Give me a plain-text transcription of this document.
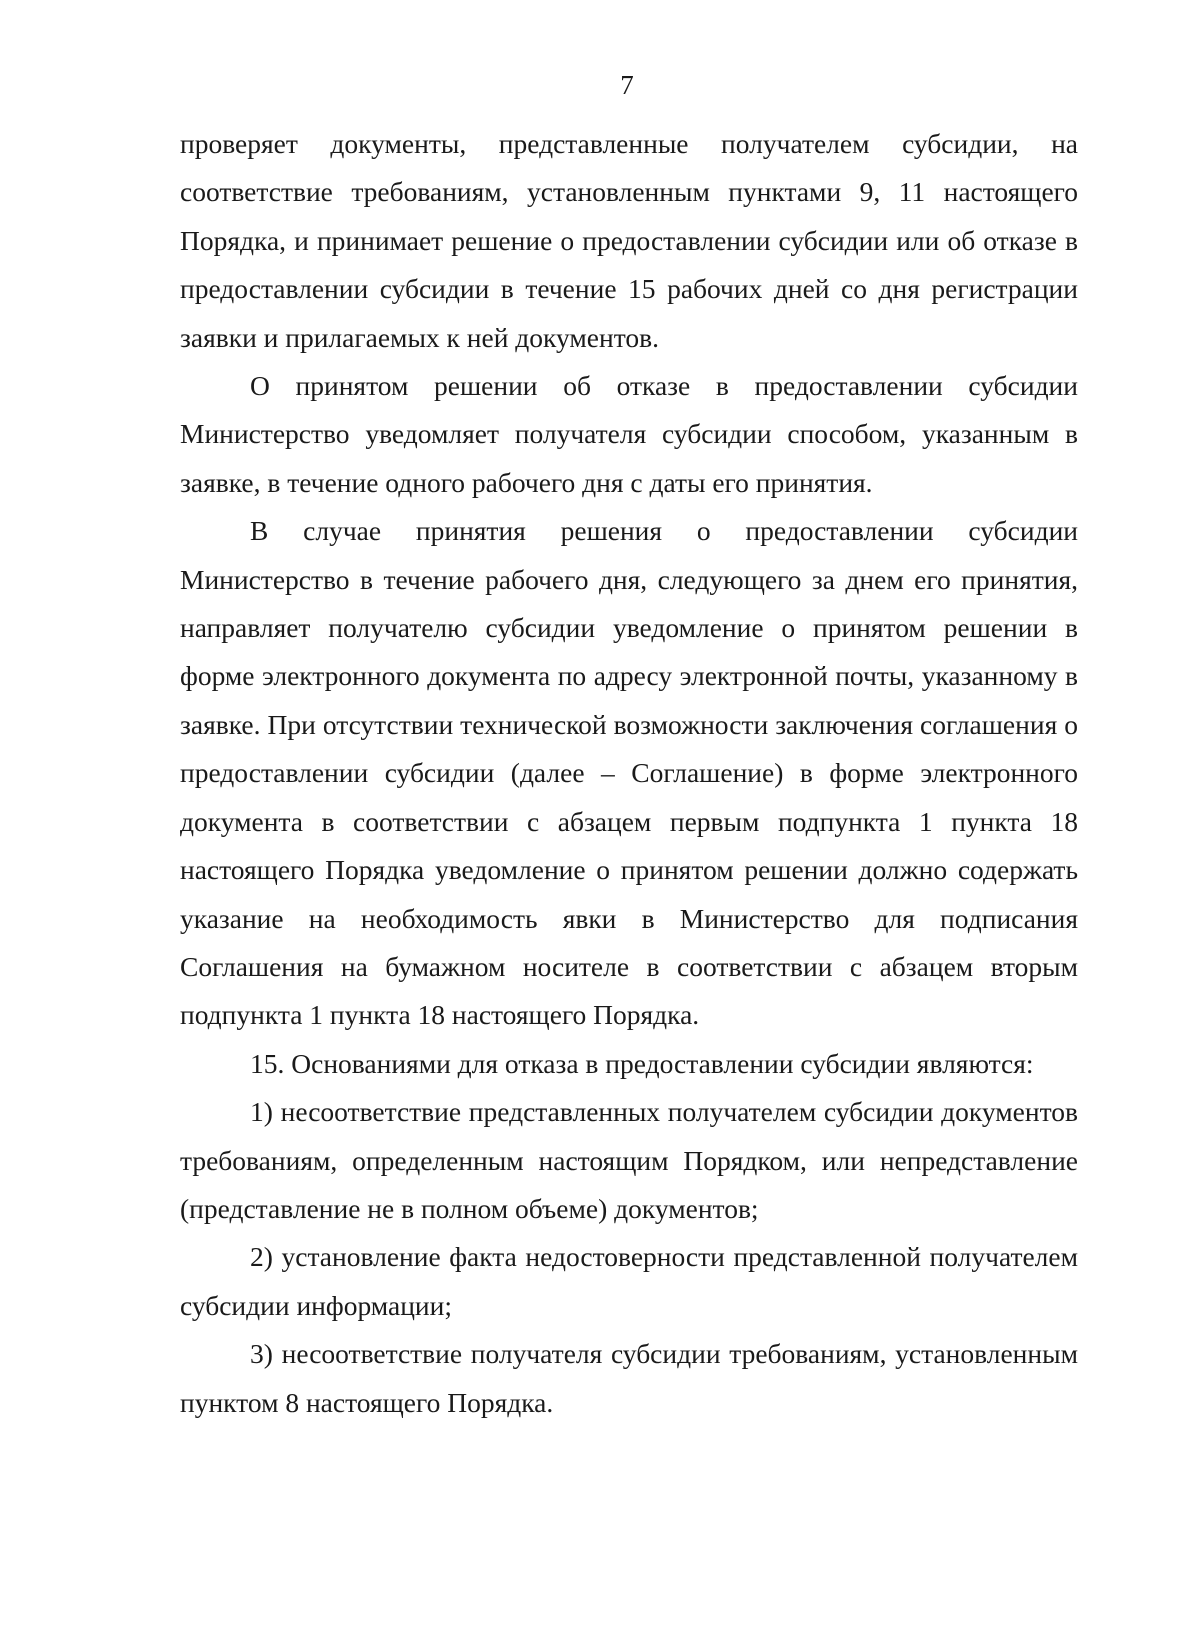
7

проверяет документы, представленные получателем субсидии, на соответствие требованиям, установленным пунктами 9, 11 настоящего Порядка, и принимает решение о предоставлении субсидии или об отказе в предоставлении субсидии в течение 15 рабочих дней со дня регистрации заявки и прилагаемых к ней документов.

О принятом решении об отказе в предоставлении субсидии Министерство уведомляет получателя субсидии способом, указанным в заявке, в течение одного рабочего дня с даты его принятия.

В случае принятия решения о предоставлении субсидии Министерство в течение рабочего дня, следующего за днем его принятия, направляет получателю субсидии уведомление о принятом решении в форме электронного документа по адресу электронной почты, указанному в заявке. При отсутствии технической возможности заключения соглашения о предоставлении субсидии (далее – Соглашение) в форме электронного документа в соответствии с абзацем первым подпункта 1 пункта 18 настоящего Порядка уведомление о принятом решении должно содержать указание на необходимость явки в Министерство для подписания Соглашения на бумажном носителе в соответствии с абзацем вторым подпункта 1 пункта 18 настоящего Порядка.

15. Основаниями для отказа в предоставлении субсидии являются:

1) несоответствие представленных получателем субсидии документов требованиям, определенным настоящим Порядком, или непредставление (представление не в полном объеме) документов;

2) установление факта недостоверности представленной получателем субсидии информации;

3) несоответствие получателя субсидии требованиям, установленным пунктом 8 настоящего Порядка.
